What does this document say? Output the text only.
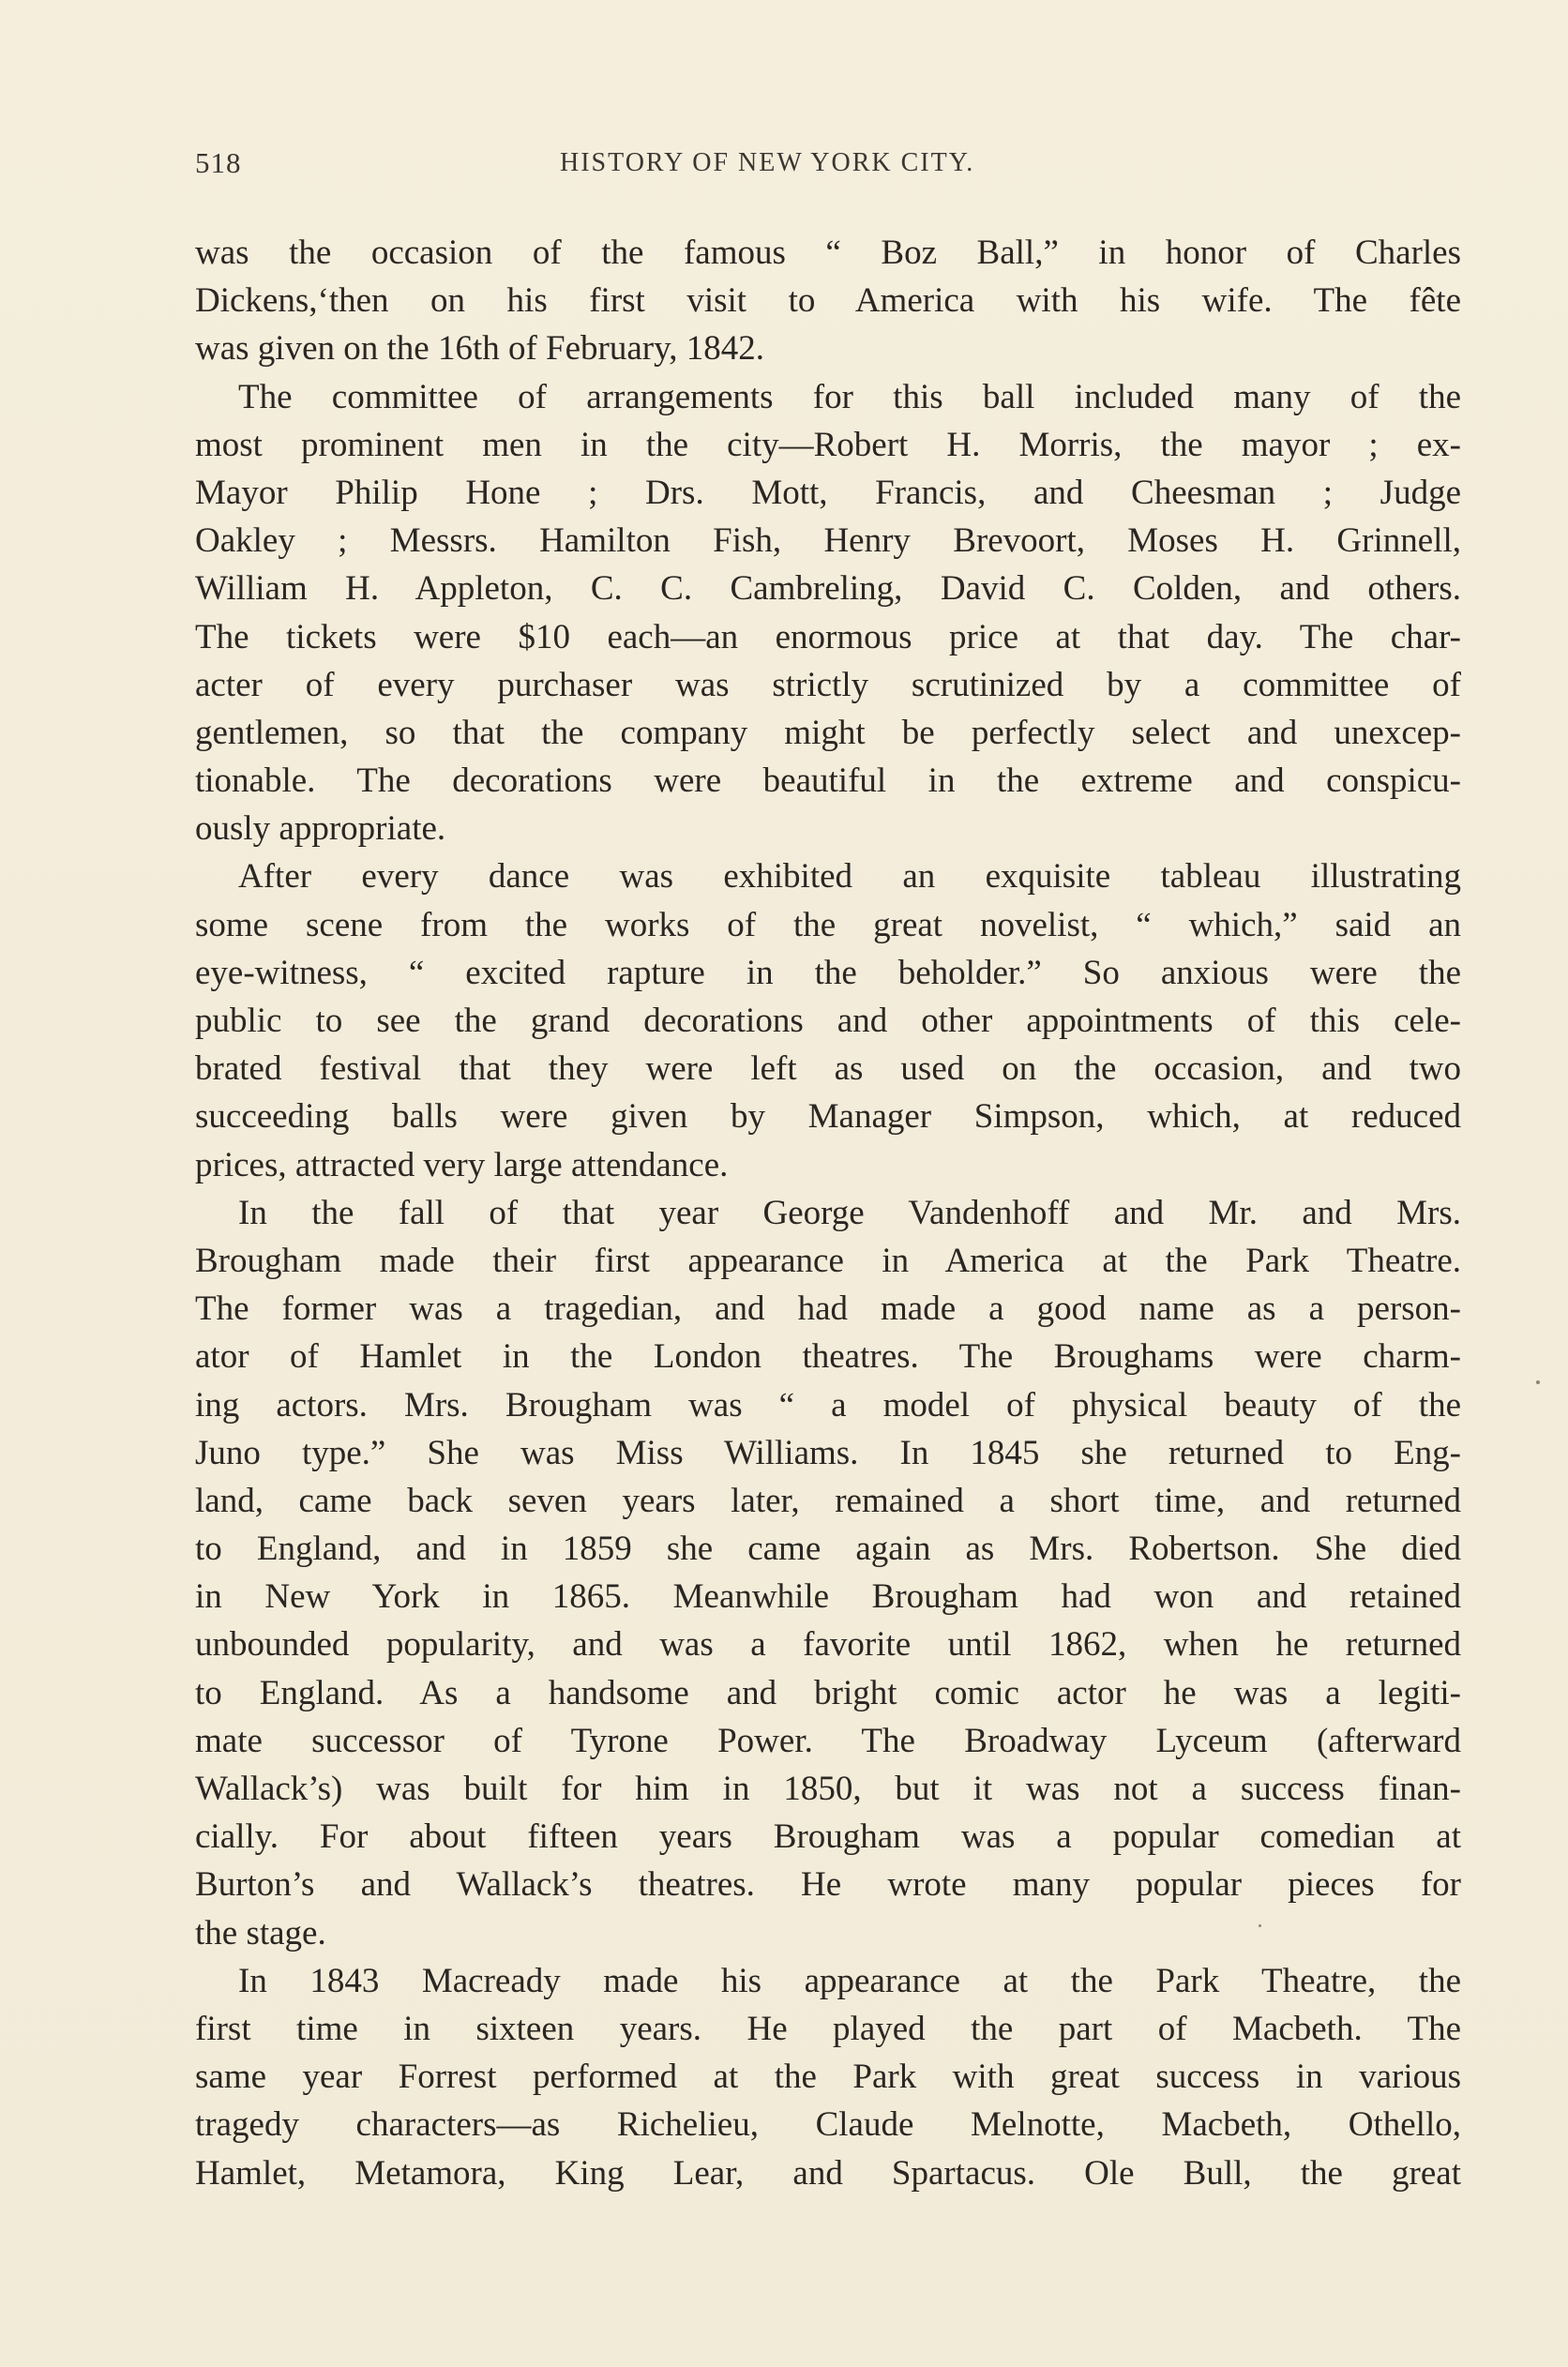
518	HISTORY OF NEW YORK CITY.
was the occasion of the famous “ Boz Ball,” in honor of Charles
Dickens,‘then on his first visit to America with his wife. The fête
was given on the 16th of February, 1842.
The committee of arrangements for this ball included many of the
most prominent men in the city—Robert H. Morris, the mayor ; ex-
Mayor Philip Hone ; Drs. Mott, Francis, and Cheesman ; Judge
Oakley ; Messrs. Hamilton Fish, Henry Brevoort, Moses H. Grinnell,
William H. Appleton, C. C. Cambreling, David C. Colden, and others.
The tickets were $10 each—an enormous price at that day. The char-
acter of every purchaser was strictly scrutinized by a committee of
gentlemen, so that the company might be perfectly select and unexcep-
tionable. The decorations were beautiful in the extreme and conspicu-
ously appropriate.
After every dance was exhibited an exquisite tableau illustrating
some scene from the works of the great novelist, “ which,” said an
eye-witness, “ excited rapture in the beholder.” So anxious were the
public to see the grand decorations and other appointments of this cele-
brated festival that they were left as used on the occasion, and two
succeeding balls were given by Manager Simpson, which, at reduced
prices, attracted very large attendance.
In the fall of that year George Vandenhoff and Mr. and Mrs.
Brougham made their first appearance in America at the Park Theatre.
The former was a tragedian, and had made a good name as a person-
ator of Hamlet in the London theatres. The Broughams were charm-
ing actors. Mrs. Brougham was “ a model of physical beauty of the
Juno type.” She was Miss Williams. In 1845 she returned to Eng-
land, came back seven years later, remained a short time, and returned
to England, and in 1859 she came again as Mrs. Robertson. She died
in New York in 1865. Meanwhile Brougham had won and retained
unbounded popularity, and was a favorite until 1862, when he returned
to England. As a handsome and bright comic actor he was a legiti-
mate successor of Tyrone Power. The Broadway Lyceum (afterward
Wallack’s) was built for him in 1850, but it was not a success finan-
cially. For about fifteen years Brougham was a popular comedian at
Burton’s and Wallack’s theatres. He wrote many popular pieces for
the stage.
In 1843 Macready made his appearance at the Park Theatre, the
first time in sixteen years. He played the part of Macbeth. The
same year Forrest performed at the Park with great success in various
tragedy characters—as Richelieu, Claude Melnotte, Macbeth, Othello,
Hamlet, Metamora, King Lear, and Spartacus. Ole Bull, the great
